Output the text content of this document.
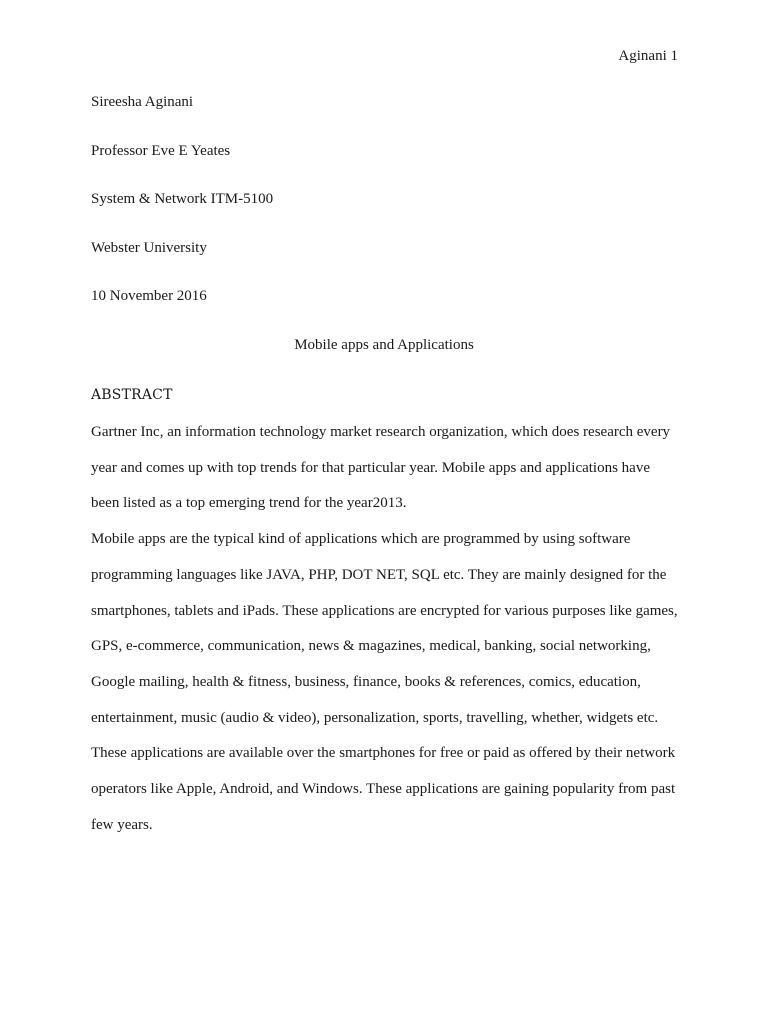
Aginani 1
Sireesha Aginani
Professor Eve E Yeates
System & Network ITM-5100
Webster University
10 November 2016
Mobile apps and Applications
ABSTRACT

Gartner Inc, an information technology market research organization, which does research every year and comes up with top trends for that particular year. Mobile apps and applications have been listed as a top emerging trend for the year2013.

Mobile apps are the typical kind of applications which are programmed by using software programming languages like JAVA, PHP, DOT NET, SQL etc. They are mainly designed for the smartphones, tablets and iPads. These applications are encrypted for various purposes like games, GPS, e-commerce, communication, news & magazines, medical, banking, social networking, Google mailing, health & fitness, business, finance, books & references, comics, education, entertainment, music (audio & video), personalization, sports, travelling, whether, widgets etc. These applications are available over the smartphones for free or paid as offered by their network operators like Apple, Android, and Windows. These applications are gaining popularity from past few years.
